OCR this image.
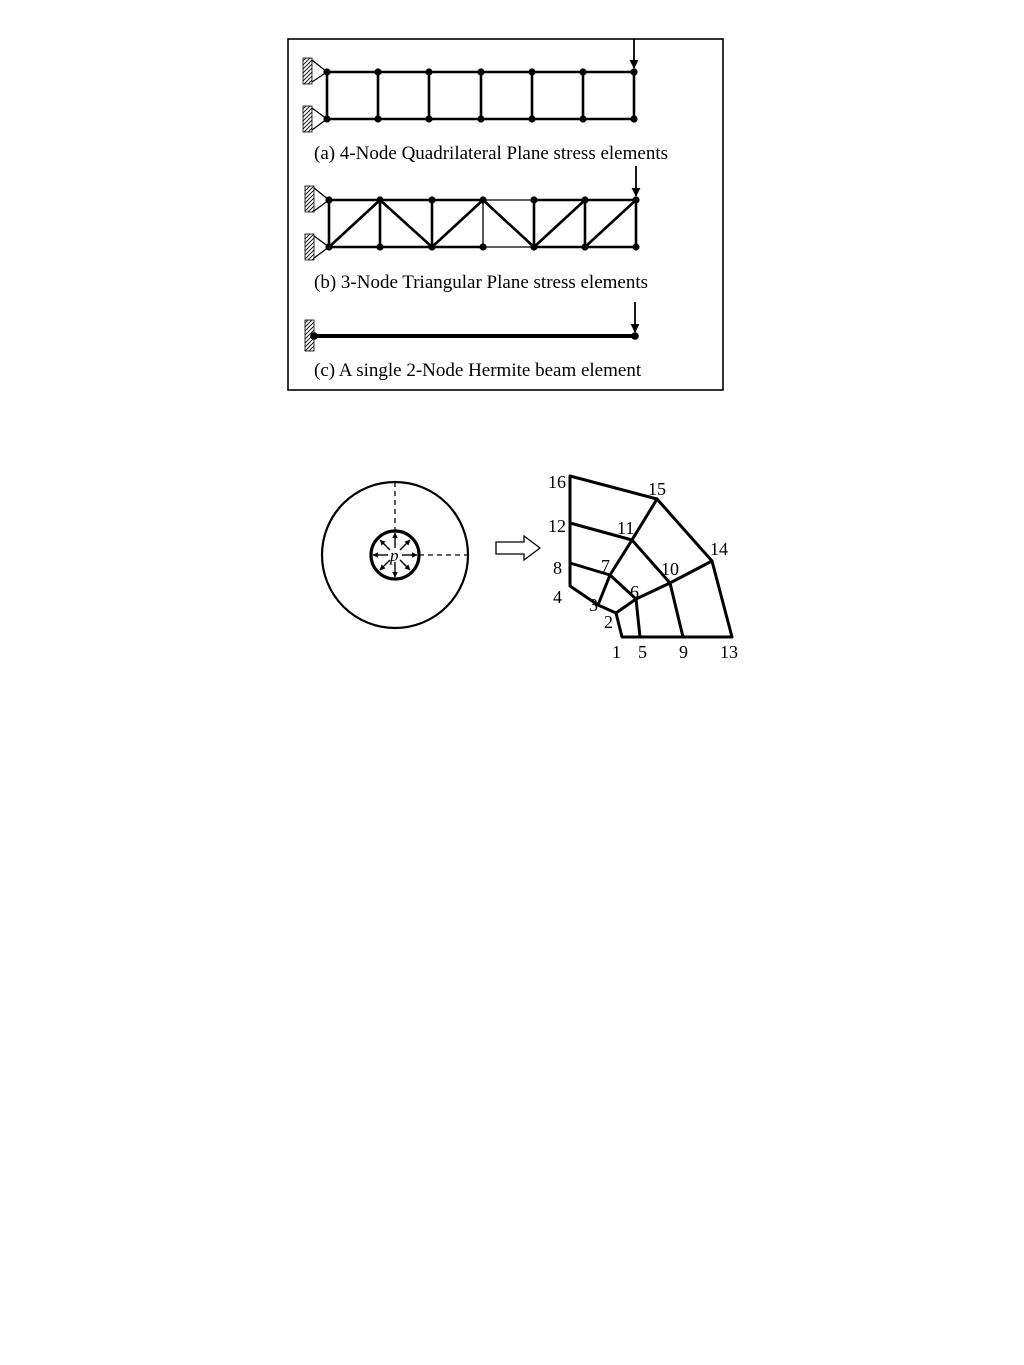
(a) 4-Node Quadrilateral Plane stress elements
(b) 3-Node Triangular Plane stress elements
(c) A single 2-Node Hermite beam element
p
1
2
3
4
5
6
7
8
9
10
11
12
13
14
15
16
